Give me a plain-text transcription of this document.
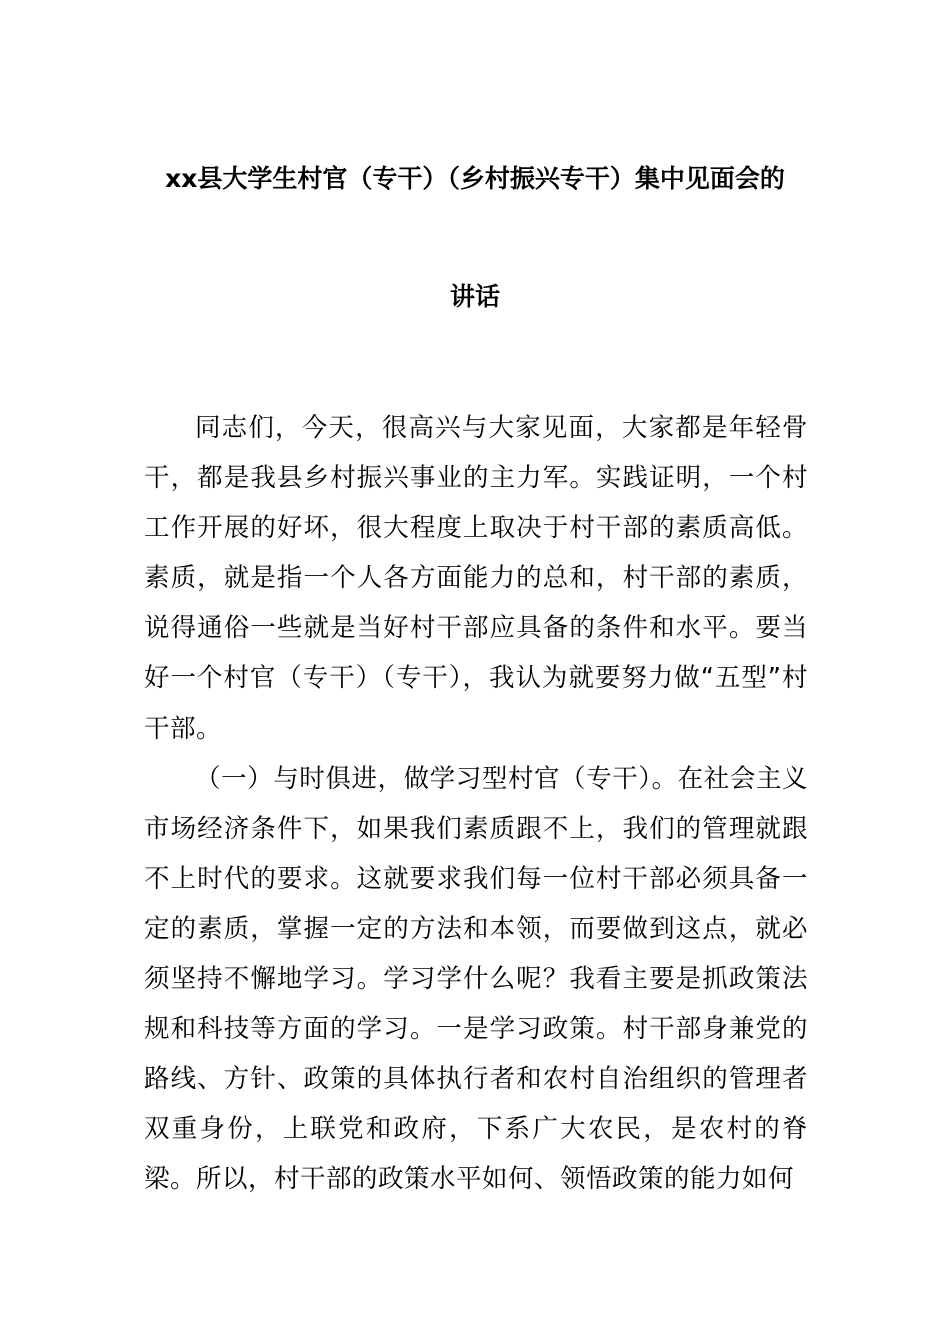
xx县大学生村官（专干）（乡村振兴专干）集中见面会的
讲话

同志们，今天，很高兴与大家见面，大家都是年轻骨干，都是我县乡村振兴事业的主力军。实践证明，一个村工作开展的好坏，很大程度上取决于村干部的素质高低。素质，就是指一个人各方面能力的总和，村干部的素质，说得通俗一些就是当好村干部应具备的条件和水平。要当好一个村官（专干）（专干），我认为就要努力做“五型”村干部。

（一）与时俱进，做学习型村官（专干）。在社会主义市场经济条件下，如果我们素质跟不上，我们的管理就跟不上时代的要求。这就要求我们每一位村干部必须具备一定的素质，掌握一定的方法和本领，而要做到这点，就必须坚持不懈地学习。学习学什么呢？我看主要是抓政策法规和科技等方面的学习。一是学习政策。村干部身兼党的路线、方针、政策的具体执行者和农村自治组织的管理者双重身份，上联党和政府，下系广大农民，是农村的脊梁。所以，村干部的政策水平如何、领悟政策的能力如何
